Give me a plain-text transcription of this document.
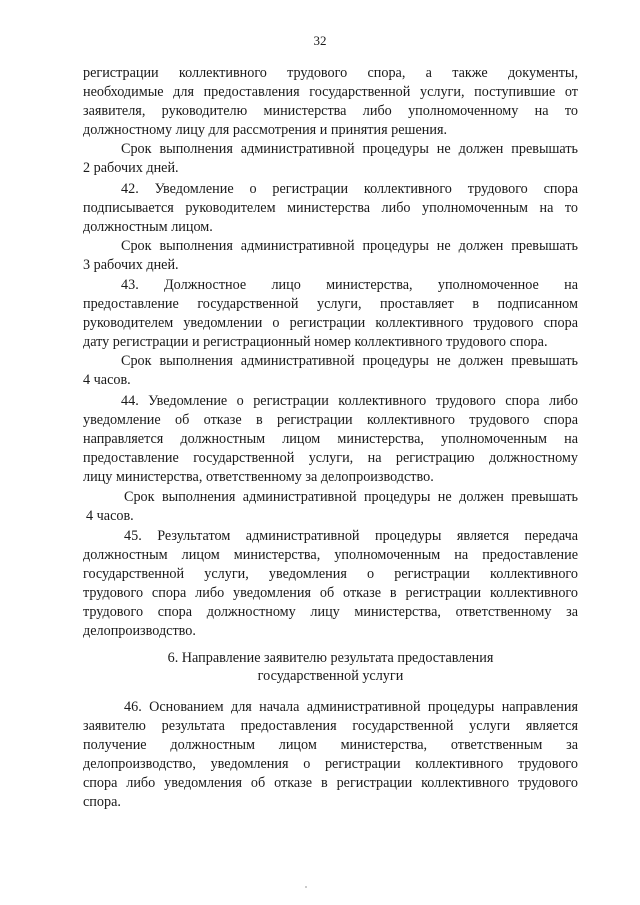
32
регистрации коллективного трудового спора, а также документы,
необходимые для предоставления государственной услуги, поступившие от
заявителя, руководителю министерства либо уполномоченному на то
должностному лицу для рассмотрения и принятия решения.
Срок выполнения административной процедуры не должен превышать
2 рабочих дней.
42. Уведомление о регистрации коллективного трудового спора
подписывается руководителем министерства либо уполномоченным на то
должностным лицом.
Срок выполнения административной процедуры не должен превышать
3 рабочих дней.
43. Должностное лицо министерства, уполномоченное на
предоставление государственной услуги, проставляет в подписанном
руководителем уведомлении о регистрации коллективного трудового спора
дату регистрации и регистрационный номер коллективного трудового спора.
Срок выполнения административной процедуры не должен превышать
4 часов.
44. Уведомление о регистрации коллективного трудового спора либо
уведомление об отказе в регистрации коллективного трудового спора
направляется должностным лицом министерства, уполномоченным на
предоставление государственной услуги, на регистрацию должностному
лицу министерства, ответственному за делопроизводство.
Срок выполнения административной процедуры не должен превышать
4 часов.
45. Результатом административной процедуры является передача
должностным лицом министерства, уполномоченным на предоставление
государственной услуги, уведомления о регистрации коллективного
трудового спора либо уведомления об отказе в регистрации коллективного
трудового спора должностному лицу министерства, ответственному за
делопроизводство.
6. Направление заявителю результата предоставления
государственной услуги
46. Основанием для начала административной процедуры направления
заявителю результата предоставления государственной услуги является
получение должностным лицом министерства, ответственным за
делопроизводство, уведомления о регистрации коллективного трудового
спора либо уведомления об отказе в регистрации коллективного трудового
спора.
